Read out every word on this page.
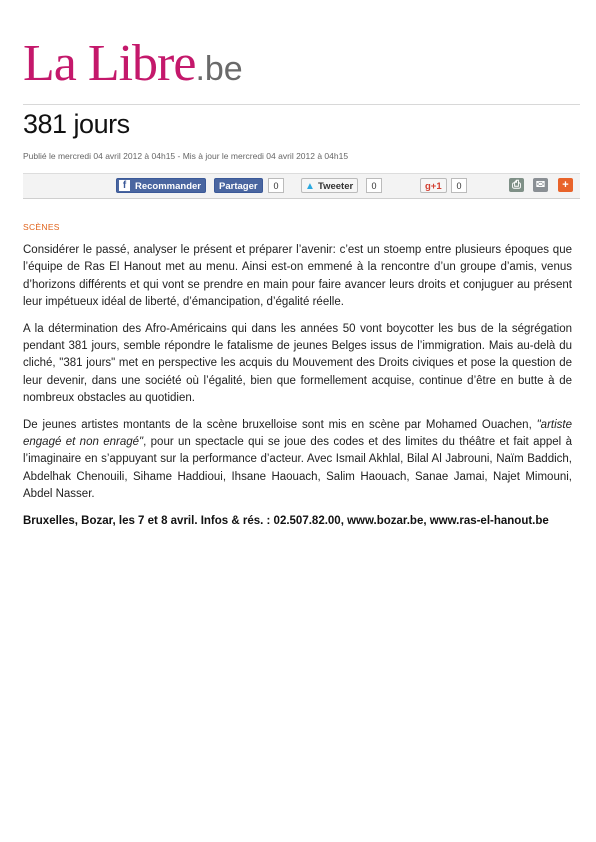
La Libre.be
381 jours
Publié le mercredi 04 avril 2012 à 04h15 - Mis à jour le mercredi 04 avril 2012 à 04h15
f Recommander	Partager	0	▲ Tweeter	0	g+1	0	⎙ ✉	+
SCÈNES

Considérer le passé, analyser le présent et préparer l’avenir: c’est un stoemp entre plusieurs époques que l’équipe de Ras El Hanout met au menu. Ainsi est-on emmené à la rencontre d’un groupe d’amis, venus d’horizons différents et qui vont se prendre en main pour faire avancer leurs droits et conjuguer au présent leur impétueux idéal de liberté, d’émancipation, d’égalité réelle.

A la détermination des Afro-Américains qui dans les années 50 vont boycotter les bus de la ségrégation pendant 381 jours, semble répondre le fatalisme de jeunes Belges issus de l’immigration. Mais au-delà du cliché, "381 jours" met en perspective les acquis du Mouvement des Droits civiques et pose la question de leur devenir, dans une société où l’égalité, bien que formellement acquise, continue d’être en butte à de nombreux obstacles au quotidien.

De jeunes artistes montants de la scène bruxelloise sont mis en scène par Mohamed Ouachen, "artiste engagé et non enragé", pour un spectacle qui se joue des codes et des limites du théâtre et fait appel à l’imaginaire en s’appuyant sur la performance d’acteur. Avec Ismail Akhlal, Bilal Al Jabrouni, Naïm Baddich, Abdelhak Chenouili, Sihame Haddioui, Ihsane Haouach, Salim Haouach, Sanae Jamai, Najet Mimouni, Abdel Nasser.

Bruxelles, Bozar, les 7 et 8 avril. Infos & rés. : 02.507.82.00, www.bozar.be, www.ras-el-hanout.be
